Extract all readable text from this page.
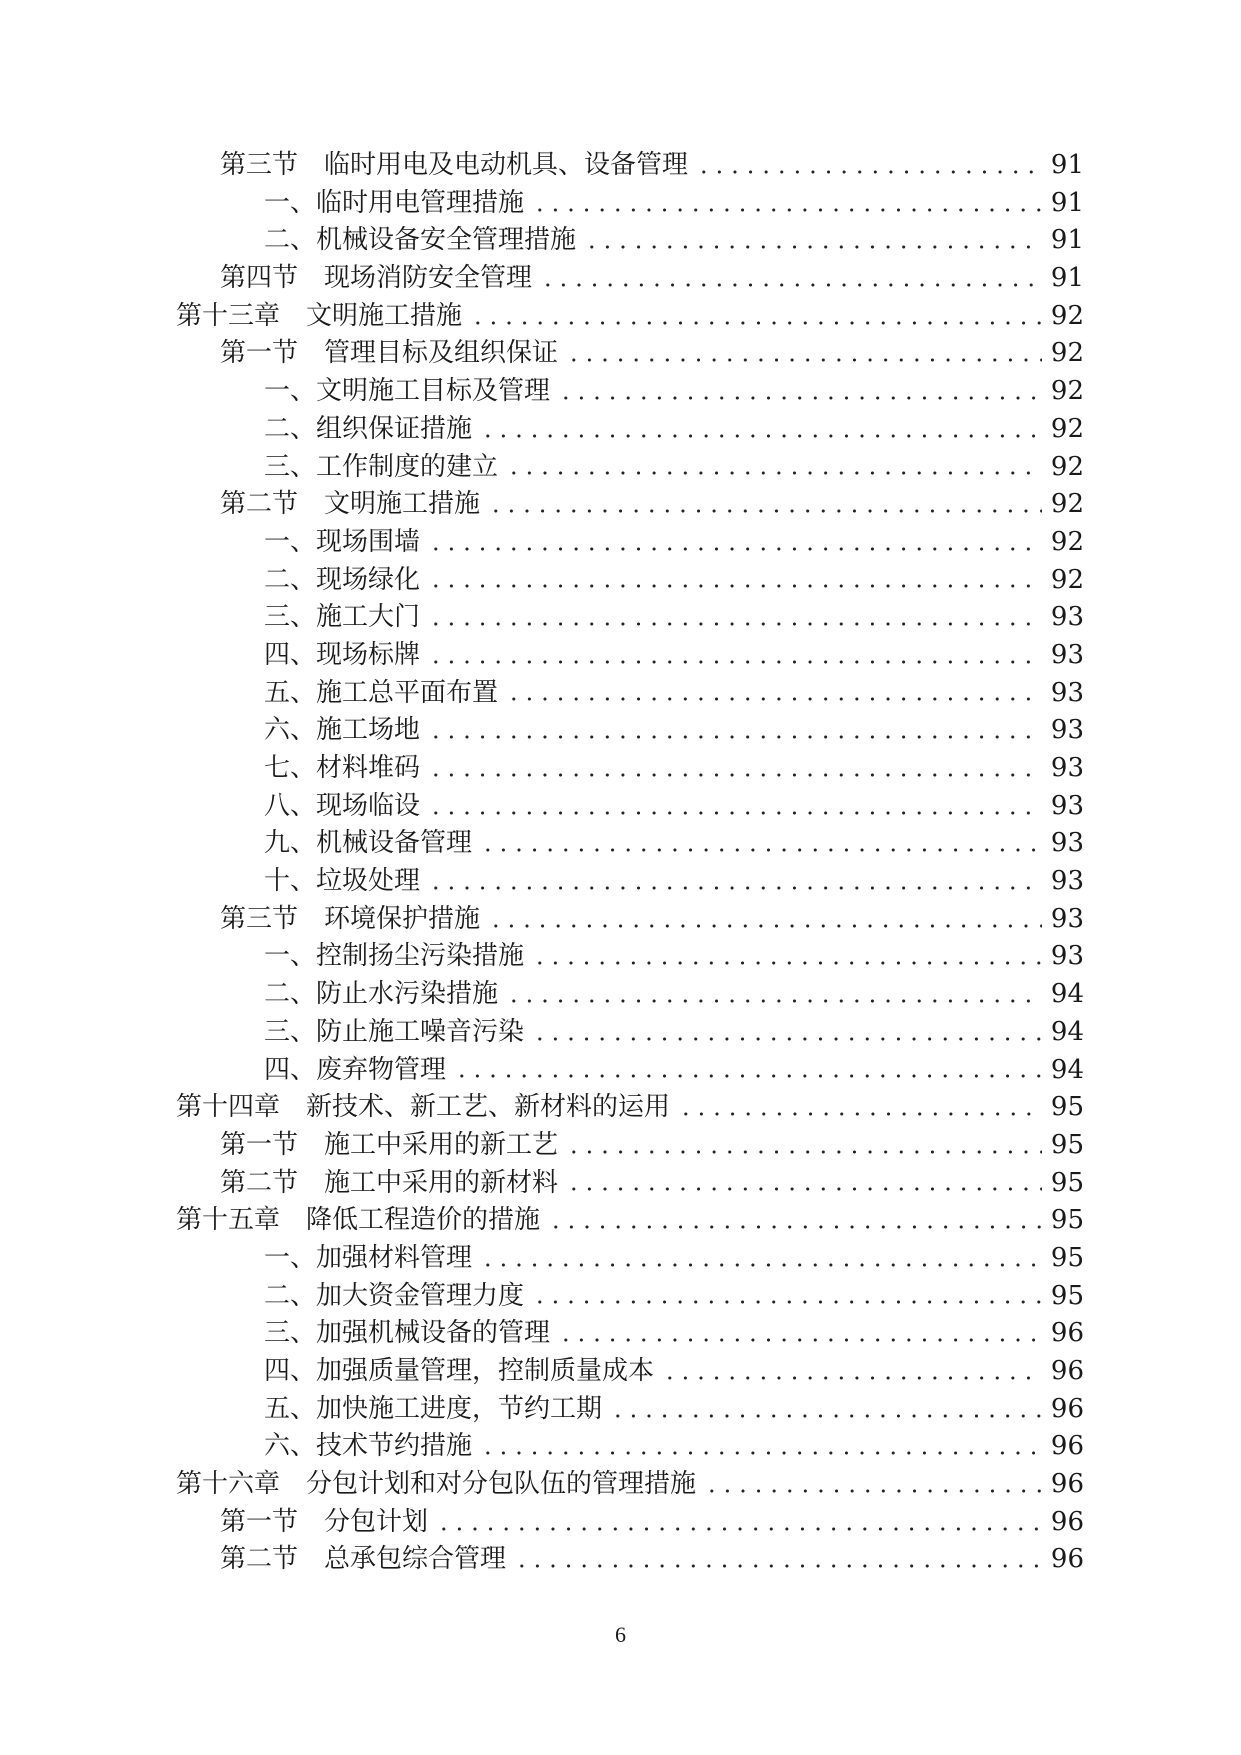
第三节 临时用电及电动机具、设备管理	91
一、 临时用电管理措施	91
二、 机械设备安全管理措施	91
第四节 现场消防安全管理	91
第十三章 文明施工措施	92
第一节 管理目标及组织保证	92
一、 文明施工目标及管理	92
二、 组织保证措施	92
三、 工作制度的建立	92
第二节 文明施工措施	92
一、 现场围墙	92
二、 现场绿化	92
三、 施工大门	93
四、 现场标牌	93
五、 施工总平面布置	93
六、 施工场地	93
七、 材料堆码	93
八、 现场临设	93
九、 机械设备管理	93
十、 垃圾处理	93
第三节 环境保护措施	93
一、 控制扬尘污染措施	93
二、 防止水污染措施	94
三、 防止施工噪音污染	94
四、 废弃物管理	94
第十四章 新技术、新工艺、新材料的运用	95
第一节 施工中采用的新工艺	95
第二节 施工中采用的新材料	95
第十五章 降低工程造价的措施	95
一、 加强材料管理	95
二、 加大资金管理力度	95
三、 加强机械设备的管理	96
四、 加强质量管理，控制质量成本	96
五、 加快施工进度，节约工期	96
六、 技术节约措施	96
第十六章 分包计划和对分包队伍的管理措施	96
第一节 分包计划	96
第二节 总承包综合管理	96
6
